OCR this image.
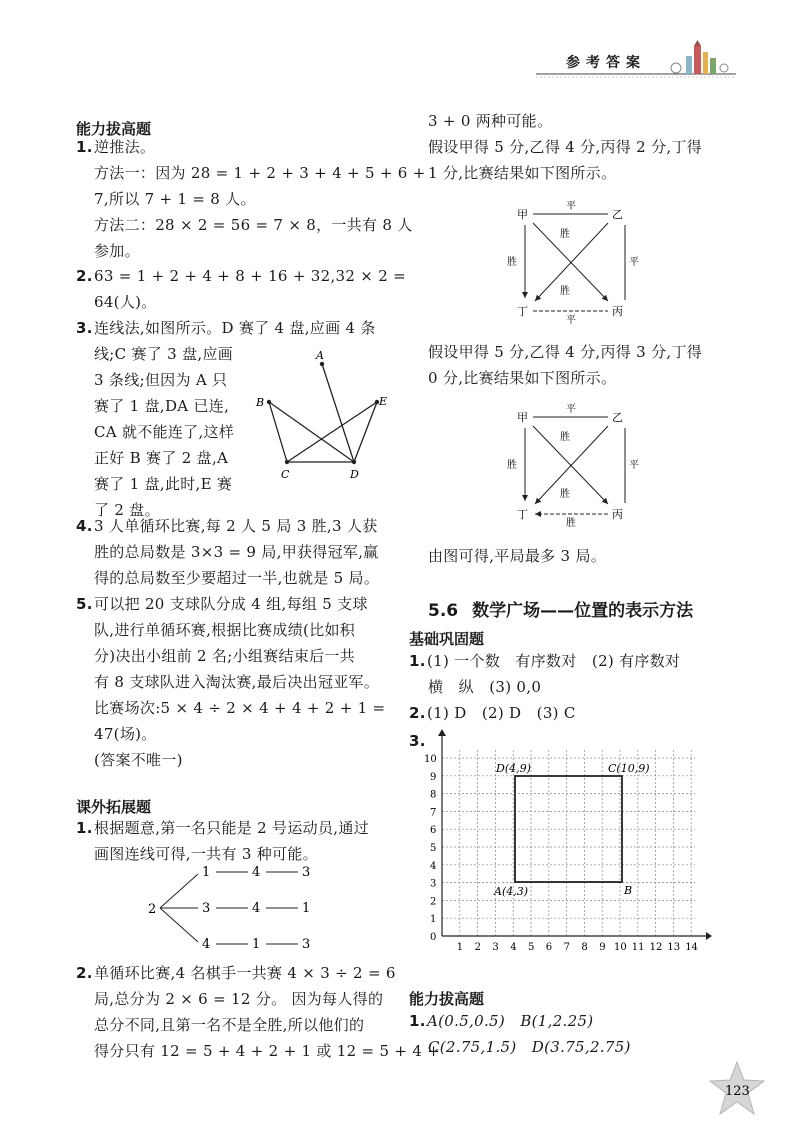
参考答案
能力拔高题
1.逆推法。
方法一：因为 28 = 1 + 2 + 3 + 4 + 5 + 6 +
7,所以 7 + 1 = 8 人。
方法二：28 × 2 = 56 = 7 × 8，一共有 8 人
参加。
2.63 = 1 + 2 + 4 + 8 + 16 + 32,32 × 2 =
64(人)。
3.连线法,如图所示。D 赛了 4 盘,应画 4 条
线;C 赛了 3 盘,应画
3 条线;但因为 A 只
赛了 1 盘,DA 已连,
CA 就不能连了,这样
正好 B 赛了 2 盘,A
赛了 1 盘,此时,E 赛
了 2 盘。
A
B	E
C	D
4.3 人单循环比赛,每 2 人 5 局 3 胜,3 人获
胜的总局数是 3×3 = 9 局,甲获得冠军,赢
得的总局数至少要超过一半,也就是 5 局。
5.可以把 20 支球队分成 4 组,每组 5 支球
队,进行单循环赛,根据比赛成绩(比如积
分)决出小组前 2 名;小组赛结束后一共
有 8 支球队进入淘汰赛,最后决出冠亚军。
比赛场次:5 × 4 ÷ 2 × 4 + 4 + 2 + 1 =
47(场)。
(答案不唯一)
课外拓展题
1.根据题意,第一名只能是 2 号运动员,通过
画图连线可得,一共有 3 种可能。
2
1	4	3
3	4	1
4	1	3
2.单循环比赛,4 名棋手一共赛 4 × 3 ÷ 2 = 6
局,总分为 2 × 6 = 12 分。 因为每人得的
总分不同,且第一名不是全胜,所以他们的
得分只有 12 = 5 + 4 + 2 + 1 或 12 = 5 + 4 +
3 + 0 两种可能。
假设甲得 5 分,乙得 4 分,丙得 2 分,丁得
1 分,比赛结果如下图所示。
甲	乙
丁	丙
平
平
平
胜
胜
胜
假设甲得 5 分,乙得 4 分,丙得 3 分,丁得
0 分,比赛结果如下图所示。
甲	乙
丁	丙
平
平
胜
胜
胜
胜
由图可得,平局最多 3 局。
5.6 数学广场——位置的表示方法
基础巩固题
1.(1) 一个数　有序数对　(2) 有序数对
横　纵　(3) 0,0
2.(1) D　(2) D　(3) C
3.
10
9
8
7
6
5
4
3
2
1
0
1 2 3 4 5 6 7 8 9 10 11 12 13 14
D(4,9)	C(10,9)
A(4,3)	B
能力拔高题
1.A(0.5,0.5)　B(1,2.25)
C(2.75,1.5)　D(3.75,2.75)
123
